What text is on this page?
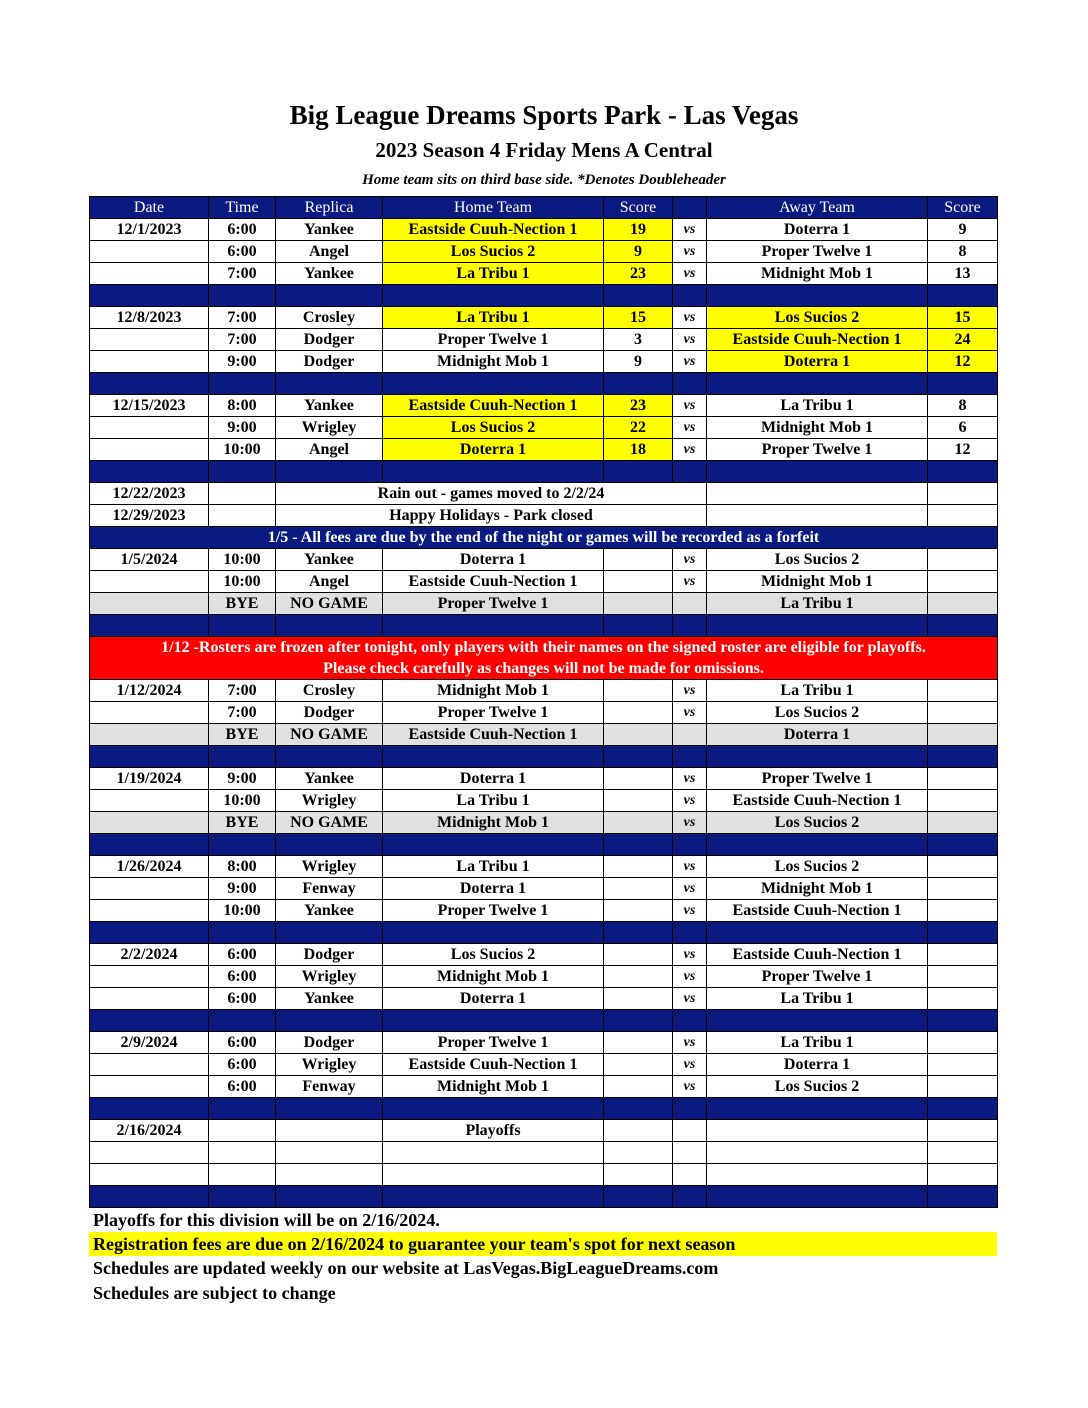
Big League Dreams Sports Park - Las Vegas
2023 Season 4 Friday Mens A Central
Home team sits on third base side. *Denotes Doubleheader
Date	Time	Replica	Home Team	Score		Away Team	Score
12/1/2023	6:00	Yankee	Eastside Cuuh-Nection 1	19	vs	Doterra 1	9
	6:00	Angel	Los Sucios 2	9	vs	Proper Twelve 1	8
	7:00	Yankee	La Tribu 1	23	vs	Midnight Mob 1	13

12/8/2023	7:00	Crosley	La Tribu 1	15	vs	Los Sucios 2	15
	7:00	Dodger	Proper Twelve 1	3	vs	Eastside Cuuh-Nection 1	24
	9:00	Dodger	Midnight Mob 1	9	vs	Doterra 1	12

12/15/2023	8:00	Yankee	Eastside Cuuh-Nection 1	23	vs	La Tribu 1	8
	9:00	Wrigley	Los Sucios 2	22	vs	Midnight Mob 1	6
	10:00	Angel	Doterra 1	18	vs	Proper Twelve 1	12

12/22/2023		Rain out - games moved to 2/2/24					
12/29/2023		Happy Holidays - Park closed					
1/5 - All fees are due by the end of the night or games will be recorded as a forfeit							
1/5/2024	10:00	Yankee	Doterra 1		vs	Los Sucios 2	
	10:00	Angel	Eastside Cuuh-Nection 1		vs	Midnight Mob 1	
	BYE	NO GAME	Proper Twelve 1			La Tribu 1	

1/12 -Rosters are frozen after tonight, only players with their names on the signed roster are eligible for playoffs.
Please check carefully as changes will not be made for omissions.							

1/12/2024	7:00	Crosley	Midnight Mob 1		vs	La Tribu 1	
	7:00	Dodger	Proper Twelve 1		vs	Los Sucios 2	
	BYE	NO GAME	Eastside Cuuh-Nection 1			Doterra 1	

1/19/2024	9:00	Yankee	Doterra 1		vs	Proper Twelve 1	
	10:00	Wrigley	La Tribu 1		vs	Eastside Cuuh-Nection 1	
	BYE	NO GAME	Midnight Mob 1		vs	Los Sucios 2	

1/26/2024	8:00	Wrigley	La Tribu 1		vs	Los Sucios 2	
	9:00	Fenway	Doterra 1		vs	Midnight Mob 1	
	10:00	Yankee	Proper Twelve 1		vs	Eastside Cuuh-Nection 1	

2/2/2024	6:00	Dodger	Los Sucios 2		vs	Eastside Cuuh-Nection 1	
	6:00	Wrigley	Midnight Mob 1		vs	Proper Twelve 1	
	6:00	Yankee	Doterra 1		vs	La Tribu 1	

2/9/2024	6:00	Dodger	Proper Twelve 1		vs	La Tribu 1	
	6:00	Wrigley	Eastside Cuuh-Nection 1		vs	Doterra 1	
	6:00	Fenway	Midnight Mob 1		vs	Los Sucios 2	

2/16/2024			Playoffs				

Playoffs for this division will be on 2/16/2024.
Registration fees are due on 2/16/2024 to guarantee your team's spot for next season
Schedules are updated weekly on our website at LasVegas.BigLeagueDreams.com
Schedules are subject to change
